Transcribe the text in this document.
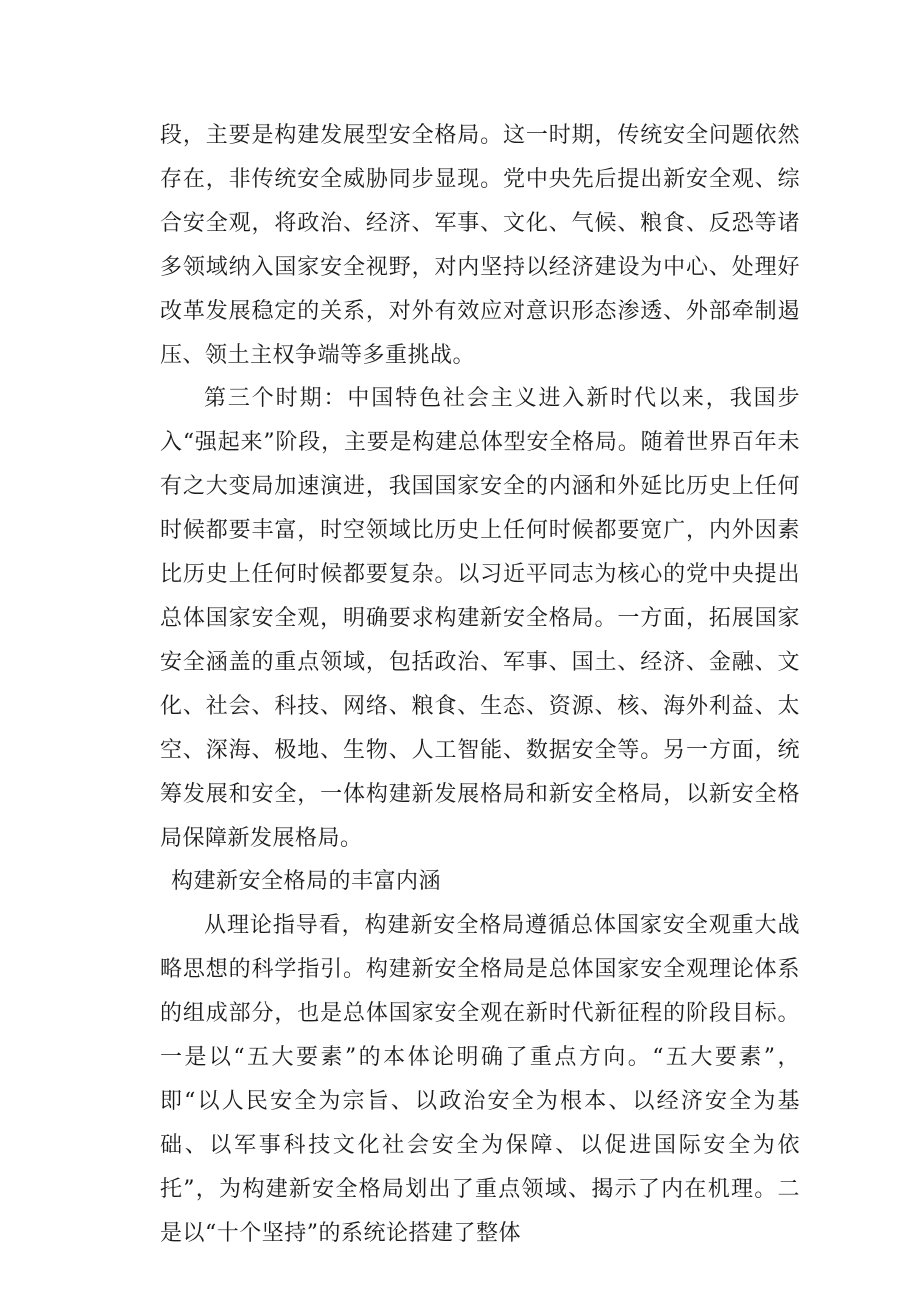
段，主要是构建发展型安全格局。这一时期，传统安全问题依然存在，非传统安全威胁同步显现。党中央先后提出新安全观、综合安全观，将政治、经济、军事、文化、气候、粮食、反恐等诸多领域纳入国家安全视野，对内坚持以经济建设为中心、处理好改革发展稳定的关系，对外有效应对意识形态渗透、外部牵制遏压、领土主权争端等多重挑战。

第三个时期：中国特色社会主义进入新时代以来，我国步入“强起来”阶段，主要是构建总体型安全格局。随着世界百年未有之大变局加速演进，我国国家安全的内涵和外延比历史上任何时候都要丰富，时空领域比历史上任何时候都要宽广，内外因素比历史上任何时候都要复杂。以习近平同志为核心的党中央提出总体国家安全观，明确要求构建新安全格局。一方面，拓展国家安全涵盖的重点领域，包括政治、军事、国土、经济、金融、文化、社会、科技、网络、粮食、生态、资源、核、海外利益、太空、深海、极地、生物、人工智能、数据安全等。另一方面，统筹发展和安全，一体构建新发展格局和新安全格局，以新安全格局保障新发展格局。

构建新安全格局的丰富内涵

从理论指导看，构建新安全格局遵循总体国家安全观重大战略思想的科学指引。构建新安全格局是总体国家安全观理论体系的组成部分，也是总体国家安全观在新时代新征程的阶段目标。一是以“五大要素”的本体论明确了重点方向。“五大要素”，即“以人民安全为宗旨、以政治安全为根本、以经济安全为基础、以军事科技文化社会安全为保障、以促进国际安全为依托”，为构建新安全格局划出了重点领域、揭示了内在机理。二是以“十个坚持”的系统论搭建了整体
